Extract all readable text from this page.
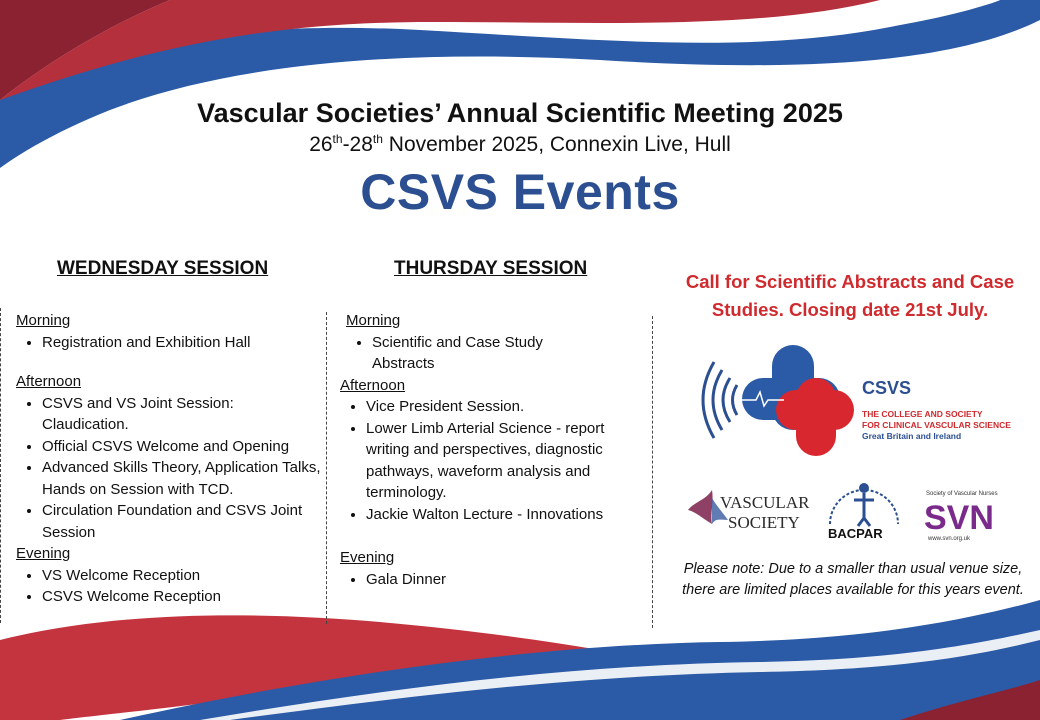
Vascular Societies’ Annual Scientific Meeting 2025
26th-28th November 2025, Connexin Live, Hull
CSVS Events
WEDNESDAY SESSION	THURSDAY SESSION
Morning
• Registration and Exhibition Hall
Afternoon
• CSVS and VS Joint Session: Claudication.
• Official CSVS Welcome and Opening
• Advanced Skills Theory, Application Talks, Hands on Session with TCD.
• Circulation Foundation and CSVS Joint Session
Evening
• VS Welcome Reception
• CSVS Welcome Reception
Morning
• Scientific and Case Study Abstracts
Afternoon
• Vice President Session.
• Lower Limb Arterial Science - report writing and perspectives, diagnostic pathways, waveform analysis and terminology.
• Jackie Walton Lecture - Innovations
Evening
• Gala Dinner
Call for Scientific Abstracts and Case Studies. Closing date 21st July.
CSVS
THE COLLEGE AND SOCIETY
FOR CLINICAL VASCULAR SCIENCE
Great Britain and Ireland
VASCULAR
SOCIETY
BACPAR
Society of Vascular Nurses
SVN
www.svn.org.uk
Please note: Due to a smaller than usual venue size, there are limited places available for this years event.
